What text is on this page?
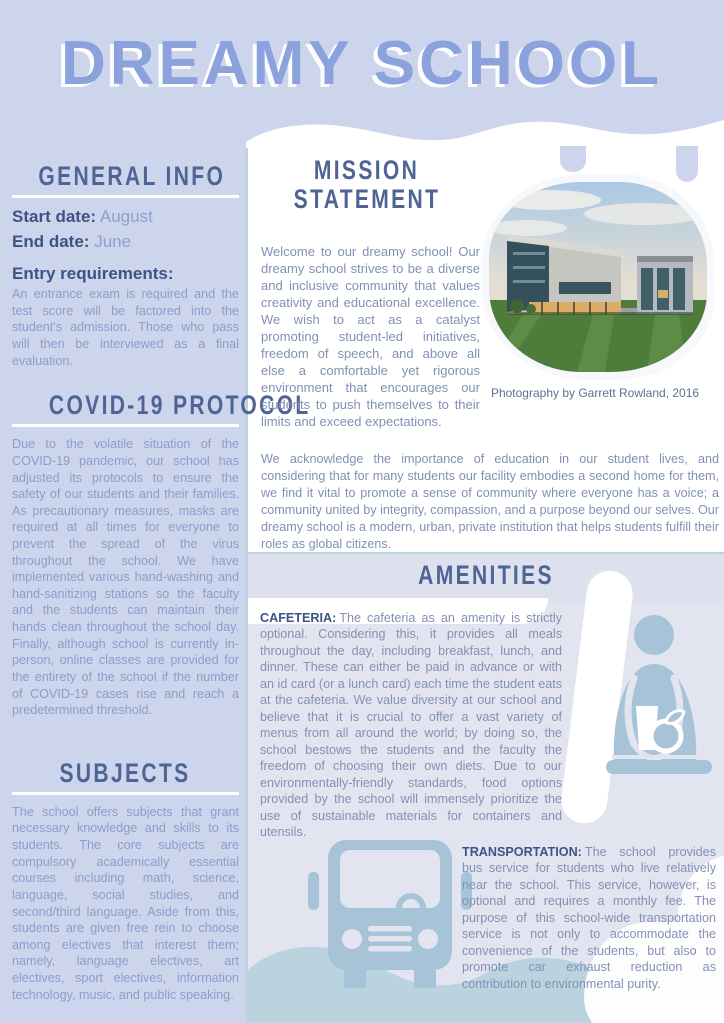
DREAMY SCHOOL
GENERAL INFO
Start date: August
End date: June
Entry requirements:

An entrance exam is required and the test score will be factored into the student's admission. Those who pass will then be interviewed as a final evaluation.

COVID-19 PROTOCOL

Due to the volatile situation of the COVID-19 pandemic, our school has adjusted its protocols to ensure the safety of our students and their families. As precautionary measures, masks are required at all times for everyone to prevent the spread of the virus throughout the school. We have implemented various hand-washing and hand-sanitizing stations so the faculty and the students can maintain their hands clean throughout the school day. Finally, although school is currently in-person, online classes are provided for the entirety of the school if the number of COVID-19 cases rise and reach a predetermined threshold.

SUBJECTS

The school offers subjects that grant necessary knowledge and skills to its students. The core subjects are compulsory academically essential courses including math, science, language, social studies, and second/third language. Aside from this, students are given free rein to choose among electives that interest them; namely, language electives, art electives, sport electives, information technology, music, and public speaking.

MISSION
STATEMENT

Welcome to our dreamy school! Our dreamy school strives to be a diverse and inclusive community that values creativity and educational excellence. We wish to act as a catalyst promoting student-led initiatives, freedom of speech, and above all else a comfortable yet rigorous environment that encourages our students to push themselves to their limits and exceed expectations.

Photography by Garrett Rowland, 2016

We acknowledge the importance of education in our student lives, and considering that for many students our facility embodies a second home for them, we find it vital to promote a sense of community where everyone has a voice; a community united by integrity, compassion, and a purpose beyond our selves. Our dreamy school is a modern, urban, private institution that helps students fulfill their roles as global citizens.

AMENITIES

CAFETERIA: The cafeteria as an amenity is strictly optional. Considering this, it provides all meals throughout the day, including breakfast, lunch, and dinner. These can either be paid in advance or with an id card (or a lunch card) each time the student eats at the cafeteria. We value diversity at our school and believe that it is crucial to offer a vast variety of menus from all around the world; by doing so, the school bestows the students and the faculty the freedom of choosing their own diets. Due to our environmentally-friendly standards, food options provided by the school will immensely prioritize the use of sustainable materials for containers and utensils.

TRANSPORTATION: The school provides bus service for students who live relatively near the school. This service, however, is optional and requires a monthly fee. The purpose of this school-wide transportation service is not only to accommodate the convenience of the students, but also to promote car exhaust reduction as contribution to environmental purity.
